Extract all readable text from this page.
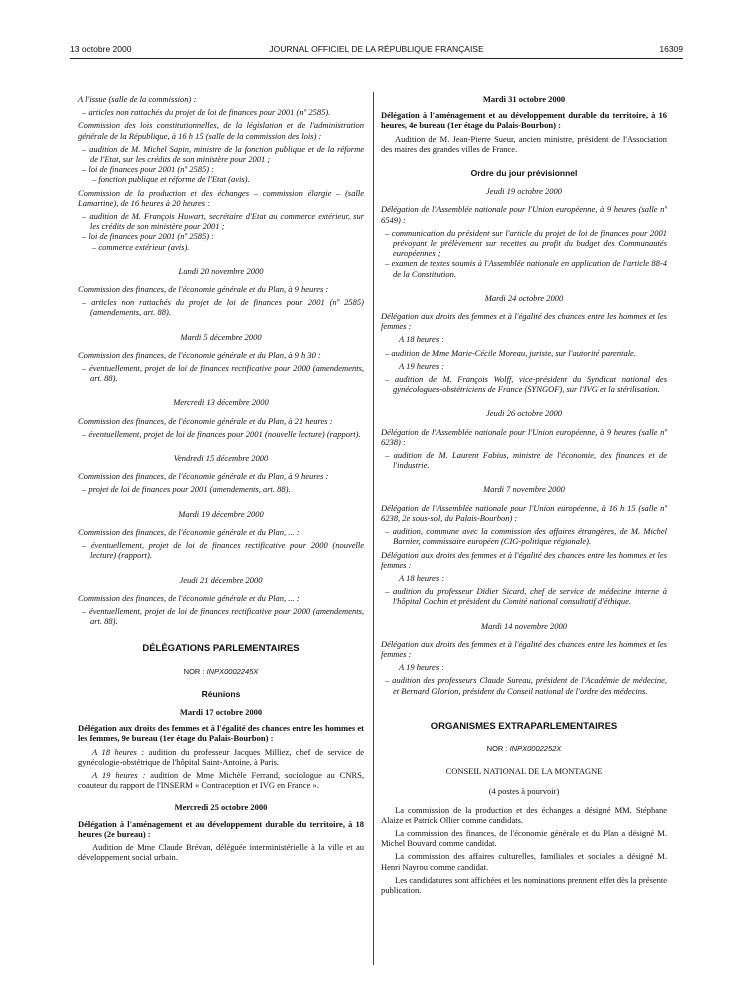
13 octobre 2000	JOURNAL OFFICIEL DE LA RÉPUBLIQUE FRANÇAISE	16309

A l'issue (salle de la commission) :

– articles non rattachés du projet de loi de finances pour 2001 (nº 2585).

Commission des lois constitutionnelles, de la législation et de l'administration générale de la République, à 16 h 15 (salle de la commission des lois) :

– audition de M. Michel Sapin, ministre de la fonction publique et de la réforme de l'Etat, sur les crédits de son ministère pour 2001 ;
– loi de finances pour 2001 (nº 2585) :
– fonction publique et réforme de l'Etat (avis).

Commission de la production et des échanges – commission élargie – (salle Lamartine), de 16 heures à 20 heures :

– audition de M. François Huwart, secrétaire d'Etat au commerce extérieur, sur les crédits de son ministère pour 2001 ;
– loi de finances pour 2001 (nº 2585) :
– commerce extérieur (avis).
Lundi 20 novembre 2000

Commission des finances, de l'économie générale et du Plan, à 9 heures :

– articles non rattachés du projet de loi de finances pour 2001 (nº 2585) (amendements, art. 88).
Mardi 5 décembre 2000

Commission des finances, de l'économie générale et du Plan, à 9 h 30 :

– éventuellement, projet de loi de finances rectificative pour 2000 (amendements, art. 88).
Mercredi 13 décembre 2000

Commission des finances, de l'économie générale et du Plan, à 21 heures :

– éventuellement, projet de loi de finances pour 2001 (nouvelle lecture) (rapport).
Vendredi 15 décembre 2000

Commission des finances, de l'économie générale et du Plan, à 9 heures :

– projet de loi de finances pour 2001 (amendements, art. 88).
Mardi 19 décembre 2000

Commission des finances, de l'économie générale et du Plan, ... :

– éventuellement, projet de loi de finances rectificative pour 2000 (nouvelle lecture) (rapport).
Jeudi 21 décembre 2000

Commission des finances, de l'économie générale et du Plan, ... :

– éventuellement, projet de loi de finances rectificative pour 2000 (amendements, art. 88).
DÉLÉGATIONS PARLEMENTAIRES
NOR : INPX0002245X
Réunions
Mardi 17 octobre 2000

Délégation aux droits des femmes et à l'égalité des chances entre les hommes et les femmes, 9e bureau (1er étage du Palais-Bourbon) :

A 18 heures : audition du professeur Jacques Milliez, chef de service de gynécologie-obstétrique de l'hôpital Saint-Antoine, à Paris.

A 19 heures : audition de Mme Michèle Ferrand, sociologue au CNRS, coauteur du rapport de l'INSERM « Contraception et IVG en France ».

Mercredi 25 octobre 2000

Délégation à l'aménagement et au développement durable du territoire, à 18 heures (2e bureau) :

Audition de Mme Claude Brévan, déléguée interministérielle à la ville et au développement social urbain.

Mardi 31 octobre 2000

Délégation à l'aménagement et au développement durable du territoire, à 16 heures, 4e bureau (1er étage du Palais-Bourbon) :

Audition de M. Jean-Pierre Sueur, ancien ministre, président de l'Association des maires des grandes villes de France.

Ordre du jour prévisionnel
Jeudi 19 octobre 2000

Délégation de l'Assemblée nationale pour l'Union européenne, à 9 heures (salle nº 6549) :

– communication du président sur l'article du projet de loi de finances pour 2001 prévoyant le prélèvement sur recettes au profit du budget des Communautés européennes ;
– examen de textes soumis à l'Assemblée nationale en application de l'article 88-4 de la Constitution.
Mardi 24 octobre 2000

Délégation aux droits des femmes et à l'égalité des chances entre les hommes et les femmes :

A 18 heures :

– audition de Mme Marie-Cécile Moreau, juriste, sur l'autorité parentale.

A 19 heures :

– audition de M. François Wolff, vice-président du Syndicat national des gynécologues-obstétriciens de France (SYNGOF), sur l'IVG et la stérilisation.
Jeudi 26 octobre 2000

Délégation de l'Assemblée nationale pour l'Union européenne, à 9 heures (salle nº 6238) :

– audition de M. Laurent Fabius, ministre de l'économie, des finances et de l'industrie.
Mardi 7 novembre 2000

Délégation de l'Assemblée nationale pour l'Union européenne, à 16 h 15 (salle nº 6238, 2e sous-sol, du Palais-Bourbon) :

– audition, commune avec la commission des affaires étrangères, de M. Michel Barnier, commissaire européen (CIG-politique régionale).

Délégation aux droits des femmes et à l'égalité des chances entre les hommes et les femmes :

A 18 heures :

– audition du professeur Didier Sicard, chef de service de médecine interne à l'hôpital Cochin et président du Comité national consultatif d'éthique.
Mardi 14 novembre 2000

Délégation aux droits des femmes et à l'égalité des chances entre les hommes et les femmes :

A 19 heures :

– audition des professeurs Claude Sureau, président de l'Académie de médecine, et Bernard Glorion, président du Conseil national de l'ordre des médecins.
ORGANISMES EXTRAPARLEMENTAIRES
NOR : INPX0002252X
CONSEIL NATIONAL DE LA MONTAGNE
(4 postes à pourvoir)

La commission de la production et des échanges a désigné MM. Stéphane Alaize et Patrick Ollier comme candidats.

La commission des finances, de l'économie générale et du Plan a désigné M. Michel Bouvard comme candidat.

La commission des affaires culturelles, familiales et sociales a désigné M. Henri Nayrou comme candidat.

Les candidatures sont affichées et les nominations prennent effet dès la présente publication.
